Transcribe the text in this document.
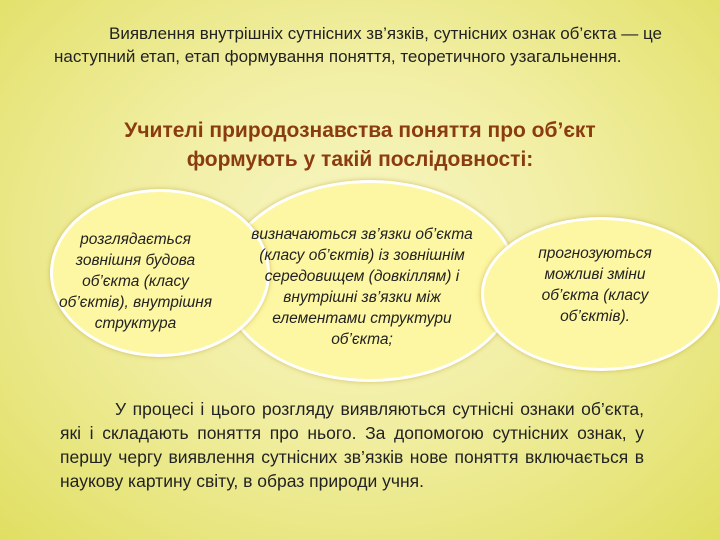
Виявлення внутрішніх сутнісних зв’язків, сутнісних ознак об’єкта — це наступний етап, етап формування поняття, теоретичного узагальнення.
Учителі природознавства поняття про об’єкт
формують у такій послідовності:
розглядається
зовнішня будова
об’єкта (класу
об’єктів), внутрішня
структура
визначаються зв’язки об’єкта
(класу об’єктів) із зовнішнім
середовищем (довкіллям) і
внутрішні зв’язки між
елементами структури
об’єкта;
прогнозуються
можливі зміни
об’єкта (класу
об’єктів).
У процесі і цього розгляду виявляються сутнісні ознаки об’єкта, які і складають поняття про нього. За допомогою сутнісних ознак, у першу чергу виявлення сутнісних зв’язків нове поняття включається в наукову картину світу, в образ природи учня.
